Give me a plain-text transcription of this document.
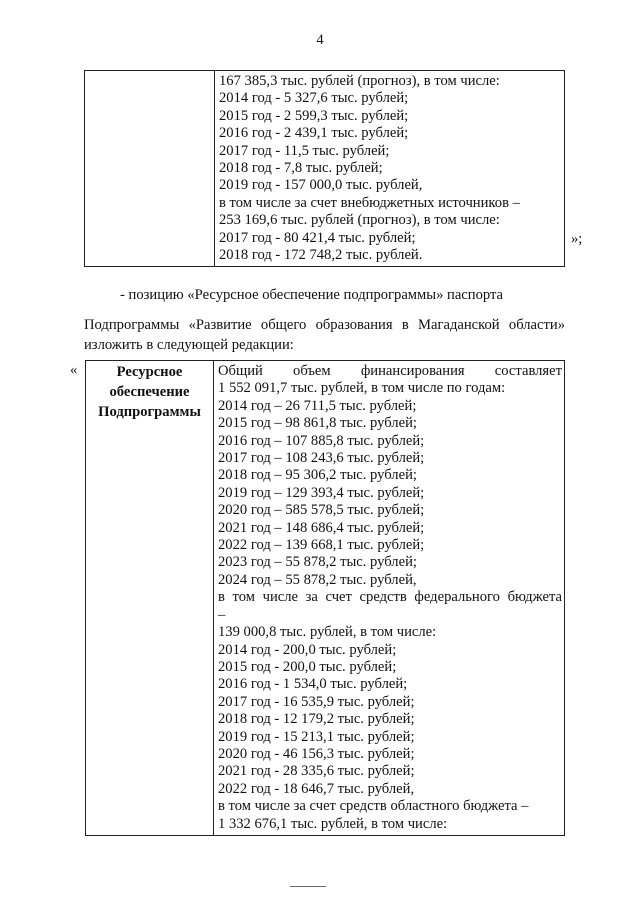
4

167 385,3 тыс. рублей (прогноз), в том числе:
2014 год - 5 327,6 тыс. рублей;
2015 год - 2 599,3 тыс. рублей;
2016 год - 2 439,1 тыс. рублей;
2017 год - 11,5 тыс. рублей;
2018 год - 7,8 тыс. рублей;
2019 год - 157 000,0 тыс. рублей,
в том числе за счет внебюджетных источников –
253 169,6 тыс. рублей (прогноз), в том числе:
2017 год - 80 421,4 тыс. рублей;
2018 год - 172 748,2 тыс. рублей.
»;
- позицию «Ресурсное обеспечение подпрограммы» паспорта
Подпрограммы «Развитие общего образования в Магаданской области»
изложить в следующей редакции:
«	Ресурсное обеспечение Подпрограммы	
Общий объем финансирования составляет
1 552 091,7 тыс. рублей, в том числе по годам:
2014 год – 26 711,5 тыс. рублей;
2015 год – 98 861,8 тыс. рублей;
2016 год – 107 885,8 тыс. рублей;
2017 год – 108 243,6 тыс. рублей;
2018 год – 95 306,2 тыс. рублей;
2019 год – 129 393,4 тыс. рублей;
2020 год – 585 578,5 тыс. рублей;
2021 год – 148 686,4 тыс. рублей;
2022 год – 139 668,1 тыс. рублей;
2023 год – 55 878,2 тыс. рублей;
2024 год – 55 878,2 тыс. рублей,
в том числе за счет средств федерального бюджета
–
139 000,8 тыс. рублей, в том числе:
2014 год - 200,0 тыс. рублей;
2015 год - 200,0 тыс. рублей;
2016 год - 1 534,0 тыс. рублей;
2017 год - 16 535,9 тыс. рублей;
2018 год - 12 179,2 тыс. рублей;
2019 год - 15 213,1 тыс. рублей;
2020 год - 46 156,3 тыс. рублей;
2021 год - 28 335,6 тыс. рублей;
2022 год - 18 646,7 тыс. рублей,
в том числе за счет средств областного бюджета –
1 332 676,1 тыс. рублей, в том числе:
